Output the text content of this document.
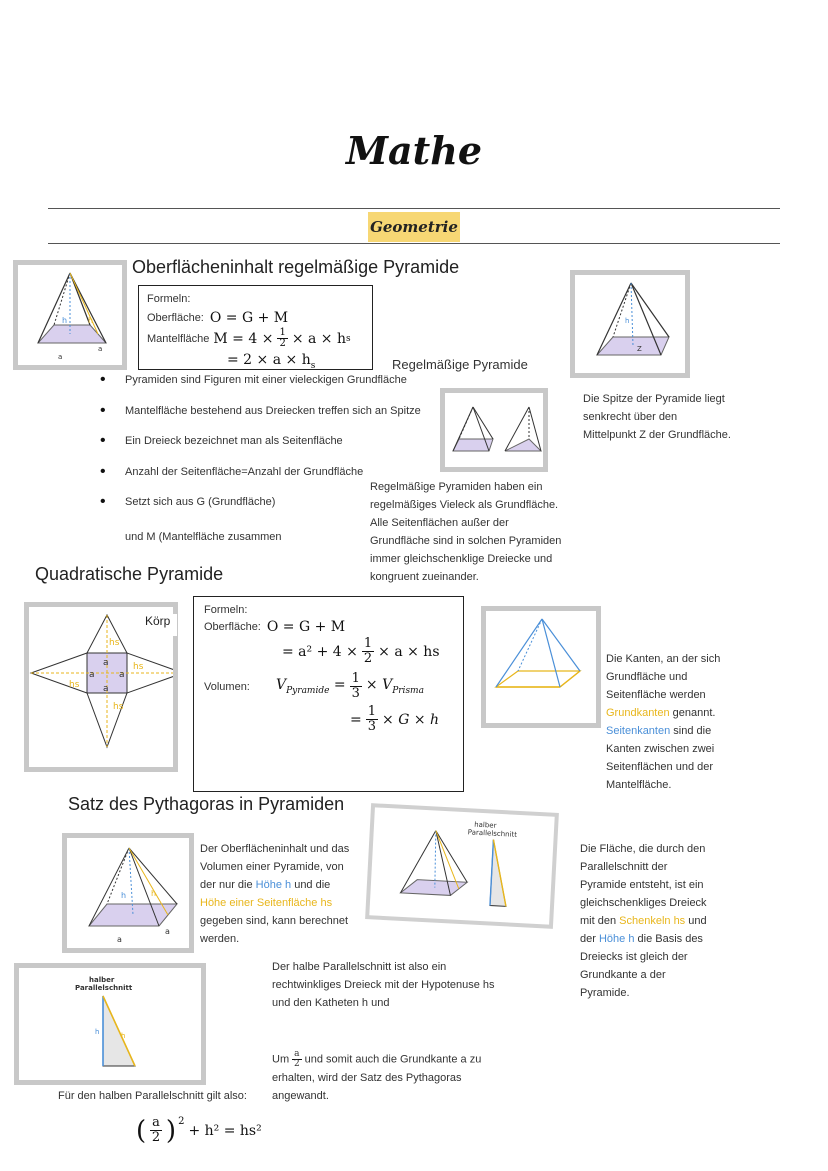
Mathe
Geometrie
h	h
a
a
Oberflächeninhalt regelmäßige Pyramide
Formeln:
Oberfläche: O = G + M
Mantelfläche $M = 4 \times \frac{1}{2} \times a \times h$ s
= $2 \times a \times h_s$	Regelmäßige Pyramide
h
Z
Die Spitze der Pyramide liegt senkrecht über den Mittelpunkt Z der Grundfläche.
• Pyramiden sind Figuren mit einer vieleckigen Grundfläche
• Mantelfläche bestehend aus Dreiecken treffen sich an Spitze
• Ein Dreieck bezeichnet man als Seitenfläche
• Anzahl der Seitenfläche=Anzahl der Grundfläche
• Setzt sich aus G (Grundfläche)
und M (Mantelfläche zusammen
Regelmäßige Pyramiden haben ein regelmäßiges Vieleck als Grundfläche. Alle Seitenflächen außer der Grundfläche sind in solchen Pyramiden immer gleichschenklige Dreiecke und kongruent zueinander.
Quadratische Pyramide
hs
hs
hs
hs
a	a
a
a
Körp
Formeln:
Oberfläche: O = G + M
= $a^2 + 4 \times \frac{1}{2} \times a$ × hs
Volumen:	$V_{Pyramide} = \frac{1}{3} \times V_{Prisma}$
= $\frac{1}{3} \times G \times h$
Die Kanten, an der sich Grundfläche und Seitenfläche werden Grundkanten genannt. Seitenkanten sind die Kanten zwischen zwei Seitenflächen und der Mantelfläche.
Satz des Pythagoras in Pyramiden
h	h
a
a
Der Oberflächeninhalt und das Volumen einer Pyramide, von der nur die Höhe h und die Höhe einer Seitenfläche hs gegeben sind, kann berechnet werden.
halber
Parallelschnitt
Die Fläche, die durch den Parallelschnitt der Pyramide entsteht, ist ein gleichschenkliges Dreieck mit den Schenkeln hs und der Höhe h die Basis des Dreiecks ist gleich der Grundkante a der Pyramide.
halber
Parallelschnitt
h	h
Der halbe Parallelschnitt ist also ein rechtwinkliges Dreieck mit der Hypotenuse hs und den Katheten h und
Um $\frac{a}{2}$ und somit auch die Grundkante a zu erhalten, wird der Satz des Pythagoras angewandt.
Für den halben Parallelschnitt gilt also:
( $\frac{a}{2} )^2$
+ h² = hs²
